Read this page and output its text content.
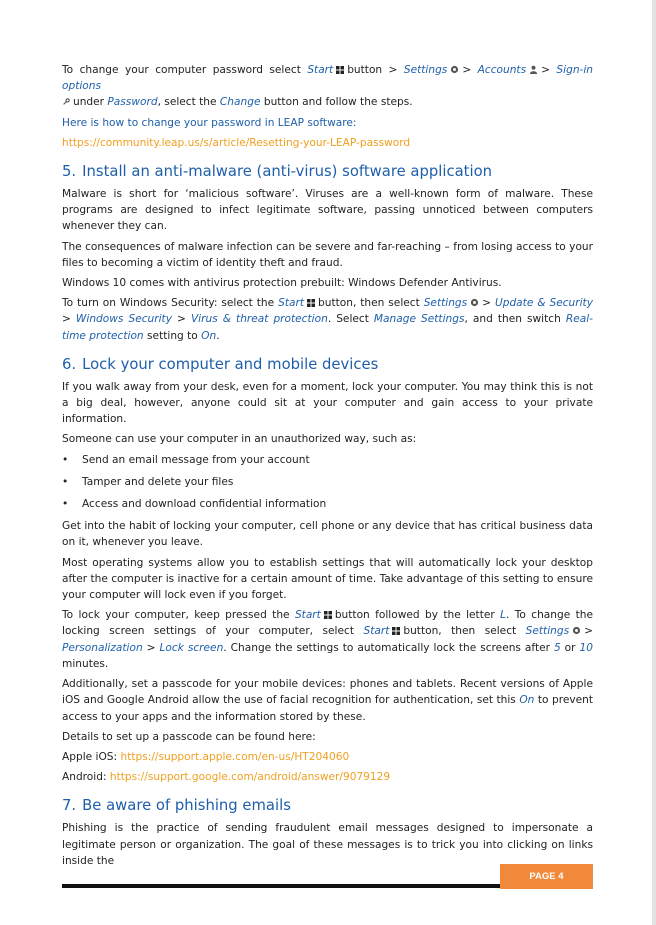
To change your computer password select Start button > Settings > Accounts > Sign-in options
under Password, select the Change button and follow the steps.

Here is how to change your password in LEAP software:

https://community.leap.us/s/article/Resetting-your-LEAP-password

5. Install an anti-malware (anti-virus) software application

Malware is short for ‘malicious software’. Viruses are a well-known form of malware. These programs are designed to infect legitimate software, passing unnoticed between computers whenever they can.

The consequences of malware infection can be severe and far-reaching – from losing access to your files to becoming a victim of identity theft and fraud.

Windows 10 comes with antivirus protection prebuilt: Windows Defender Antivirus.

To turn on Windows Security: select the Start button, then select Settings > Update & Security > Windows Security > Virus & threat protection. Select Manage Settings, and then switch Real-time protection setting to On.

6. Lock your computer and mobile devices

If you walk away from your desk, even for a moment, lock your computer. You may think this is not a big deal, however, anyone could sit at your computer and gain access to your private information.

Someone can use your computer in an unauthorized way, such as:

• Send an email message from your account
• Tamper and delete your files
• Access and download confidential information

Get into the habit of locking your computer, cell phone or any device that has critical business data on it, whenever you leave.

Most operating systems allow you to establish settings that will automatically lock your desktop after the computer is inactive for a certain amount of time. Take advantage of this setting to ensure your computer will lock even if you forget.

To lock your computer, keep pressed the Start button followed by the letter L. To change the locking screen settings of your computer, select Start button, then select Settings > Personalization > Lock screen. Change the settings to automatically lock the screens after 5 or 10 minutes.

Additionally, set a passcode for your mobile devices: phones and tablets. Recent versions of Apple iOS and Google Android allow the use of facial recognition for authentication, set this On to prevent access to your apps and the information stored by these.

Details to set up a passcode can be found here:

Apple iOS: https://support.apple.com/en-us/HT204060

Android: https://support.google.com/android/answer/9079129

7. Be aware of phishing emails

Phishing is the practice of sending fraudulent email messages designed to impersonate a legitimate person or organization. The goal of these messages is to trick you into clicking on links inside the

PAGE 4
